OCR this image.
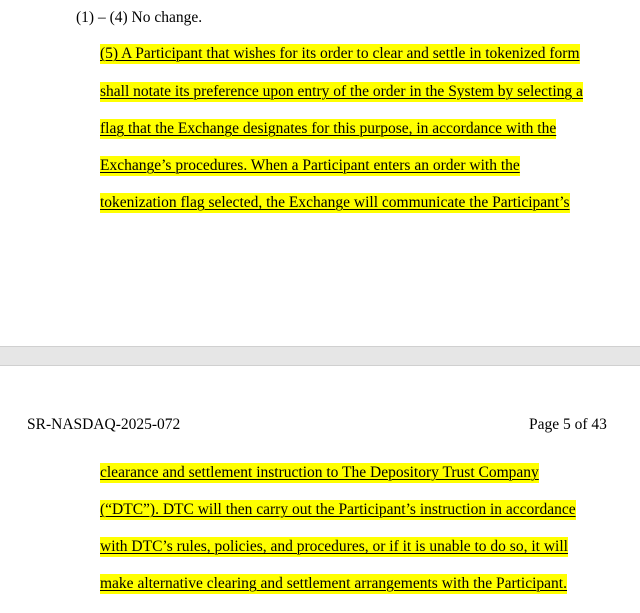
(1) – (4) No change.
(5) A Participant that wishes for its order to clear and settle in tokenized form
shall notate its preference upon entry of the order in the System by selecting a
flag that the Exchange designates for this purpose, in accordance with the
Exchange’s procedures. When a Participant enters an order with the
tokenization flag selected, the Exchange will communicate the Participant’s
SR-NASDAQ-2025-072	Page 5 of 43
clearance and settlement instruction to The Depository Trust Company
(“DTC”). DTC will then carry out the Participant’s instruction in accordance
with DTC’s rules, policies, and procedures, or if it is unable to do so, it will
make alternative clearing and settlement arrangements with the Participant.
